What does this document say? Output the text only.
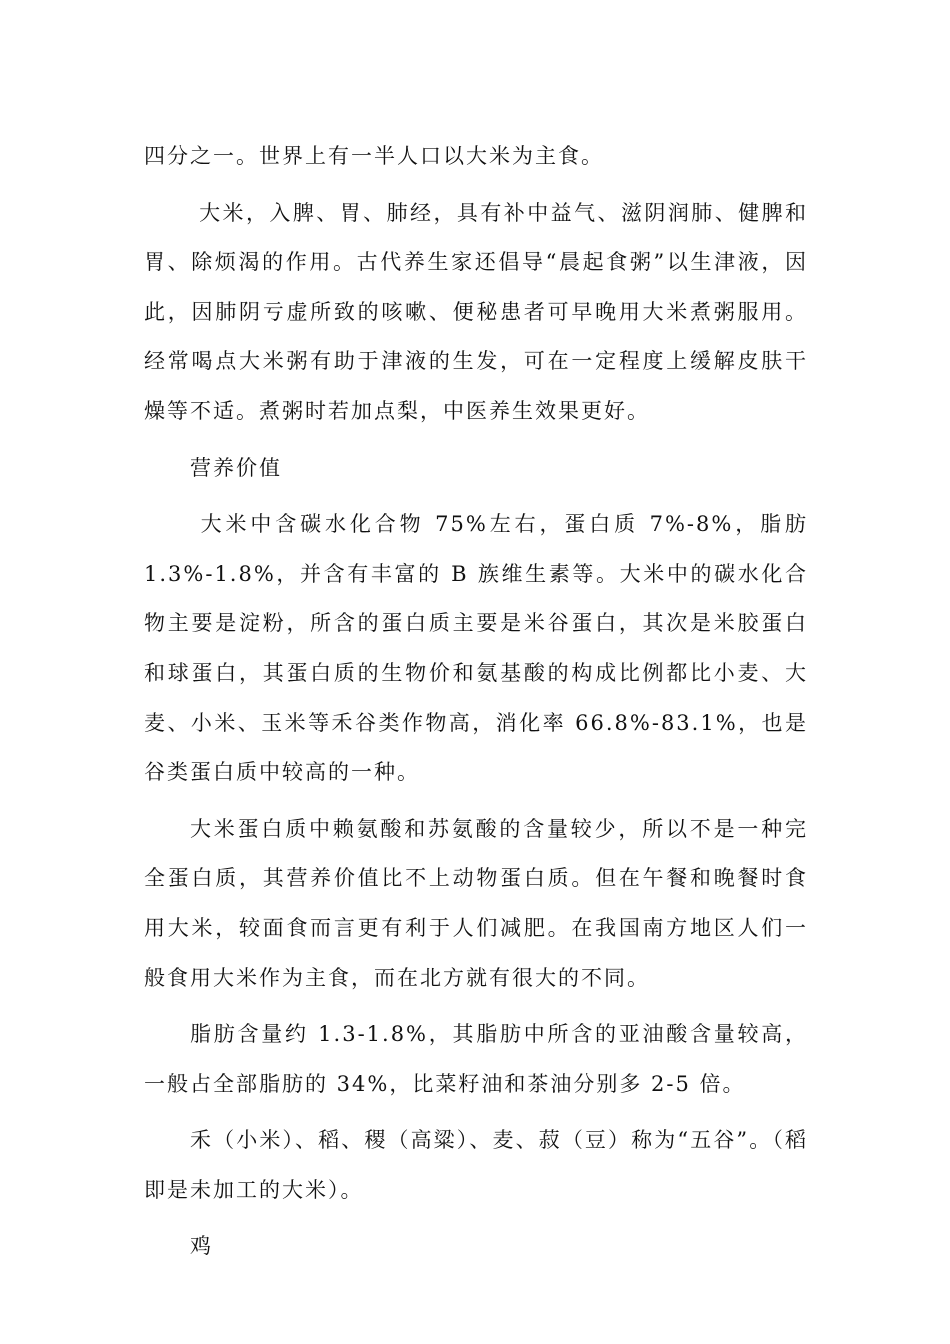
四分之一。世界上有一半人口以大米为主食。

大米，入脾、胃、肺经，具有补中益气、滋阴润肺、健脾和胃、除烦渴的作用。古代养生家还倡导“晨起食粥”以生津液，因此，因肺阴亏虚所致的咳嗽、便秘患者可早晚用大米煮粥服用。经常喝点大米粥有助于津液的生发，可在一定程度上缓解皮肤干燥等不适。煮粥时若加点梨，中医养生效果更好。

营养价值

大米中含碳水化合物 75%左右，蛋白质 7%-8%，脂肪 1.3%-1.8%，并含有丰富的 B 族维生素等。大米中的碳水化合物主要是淀粉，所含的蛋白质主要是米谷蛋白，其次是米胶蛋白和球蛋白，其蛋白质的生物价和氨基酸的构成比例都比小麦、大麦、小米、玉米等禾谷类作物高，消化率 66.8%-83.1%，也是谷类蛋白质中较高的一种。

大米蛋白质中赖氨酸和苏氨酸的含量较少，所以不是一种完全蛋白质，其营养价值比不上动物蛋白质。但在午餐和晚餐时食用大米，较面食而言更有利于人们减肥。在我国南方地区人们一般食用大米作为主食，而在北方就有很大的不同。

脂肪含量约 1.3-1.8%，其脂肪中所含的亚油酸含量较高，一般占全部脂肪的 34%，比菜籽油和茶油分别多 2-5 倍。

禾（小米）、稻、稷（高粱）、麦、菽（豆）称为“五谷”。（稻即是未加工的大米）。

鸡
